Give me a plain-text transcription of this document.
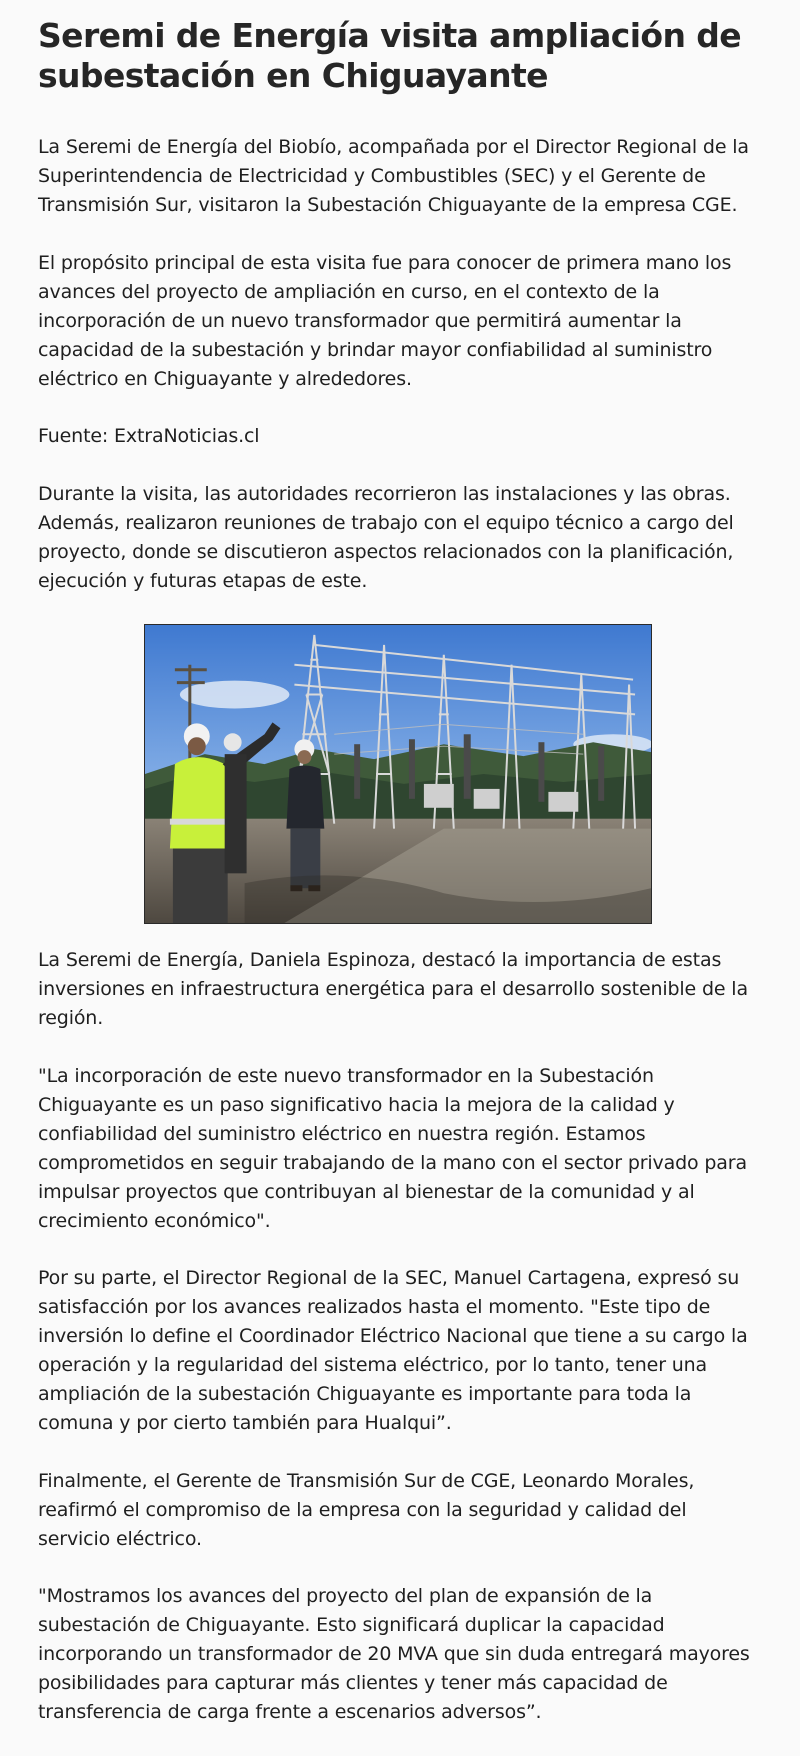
Seremi de Energía visita ampliación de subestación en Chiguayante

La Seremi de Energía del Biobío, acompañada por el Director Regional de la Superintendencia de Electricidad y Combustibles (SEC) y el Gerente de Transmisión Sur, visitaron la Subestación Chiguayante de la empresa CGE.

El propósito principal de esta visita fue para conocer de primera mano los avances del proyecto de ampliación en curso, en el contexto de la incorporación de un nuevo transformador que permitirá aumentar la capacidad de la subestación y brindar mayor confiabilidad al suministro eléctrico en Chiguayante y alrededores.

Fuente: ExtraNoticias.cl

Durante la visita, las autoridades recorrieron las instalaciones y las obras. Además, realizaron reuniones de trabajo con el equipo técnico a cargo del proyecto, donde se discutieron aspectos relacionados con la planificación, ejecución y futuras etapas de este.

La Seremi de Energía, Daniela Espinoza, destacó la importancia de estas inversiones en infraestructura energética para el desarrollo sostenible de la región.

"La incorporación de este nuevo transformador en la Subestación Chiguayante es un paso significativo hacia la mejora de la calidad y confiabilidad del suministro eléctrico en nuestra región. Estamos comprometidos en seguir trabajando de la mano con el sector privado para impulsar proyectos que contribuyan al bienestar de la comunidad y al crecimiento económico".

Por su parte, el Director Regional de la SEC, Manuel Cartagena, expresó su satisfacción por los avances realizados hasta el momento. "Este tipo de inversión lo define el Coordinador Eléctrico Nacional que tiene a su cargo la operación y la regularidad del sistema eléctrico, por lo tanto, tener una ampliación de la subestación Chiguayante es importante para toda la comuna y por cierto también para Hualqui”.

Finalmente, el Gerente de Transmisión Sur de CGE, Leonardo Morales, reafirmó el compromiso de la empresa con la seguridad y calidad del servicio eléctrico.

"Mostramos los avances del proyecto del plan de expansión de la subestación de Chiguayante. Esto significará duplicar la capacidad incorporando un transformador de 20 MVA que sin duda entregará mayores posibilidades para capturar más clientes y tener más capacidad de transferencia de carga frente a escenarios adversos”.
